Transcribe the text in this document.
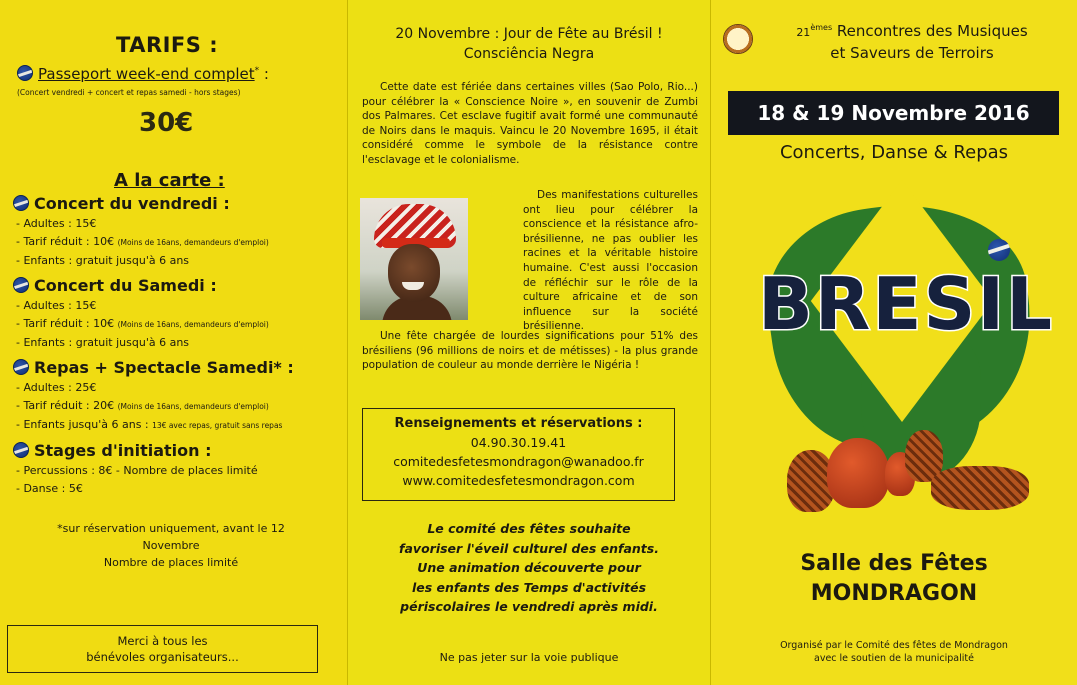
TARIFS :
Passeport week-end complet* :
(Concert vendredi + concert et repas samedi - hors stages)
30€
A la carte :
Concert du vendredi :
- Adultes : 15€
- Tarif réduit : 10€ (Moins de 16ans, demandeurs d'emploi)
- Enfants : gratuit jusqu'à 6 ans
Concert du Samedi :
- Adultes : 15€
- Tarif réduit : 10€ (Moins de 16ans, demandeurs d'emploi)
- Enfants : gratuit jusqu'à 6 ans
Repas + Spectacle Samedi* :
- Adultes : 25€
- Tarif réduit : 20€ (Moins de 16ans, demandeurs d'emploi)
- Enfants jusqu'à 6 ans : 13€ avec repas, gratuit sans repas
Stages d'initiation :
- Percussions : 8€ - Nombre de places limité
- Danse : 5€
*sur réservation uniquement, avant le 12 Novembre
Nombre de places limité
Merci à tous les
bénévoles organisateurs...
20 Novembre : Jour de Fête au Brésil !
Consciência Negra

Cette date est fériée dans certaines villes (Sao Polo, Rio...) pour célébrer la « Conscience Noire », en souvenir de Zumbi dos Palmares. Cet esclave fugitif avait formé une communauté de Noirs dans le maquis. Vaincu le 20 Novembre 1695, il était considéré comme le symbole de la résistance contre l'esclavage et le colonialisme.

Des manifestations culturelles ont lieu pour célébrer la conscience et la résistance afro-brésilienne, ne pas oublier les racines et la véritable histoire humaine. C'est aussi l'occasion de réfléchir sur le rôle de la culture africaine et de son influence sur la société brésilienne.

Une fête chargée de lourdes significations pour 51% des brésiliens (96 millions de noirs et de métisses) - la plus grande population de couleur au monde derrière le Nigéria !

Renseignements et réservations :
04.90.30.19.41
comitedesfetesmondragon@wanadoo.fr
www.comitedesfetesmondragon.com
Le comité des fêtes souhaite
favoriser l'éveil culturel des enfants.
Une animation découverte pour
les enfants des Temps d'activités
périscolaires le vendredi après midi.
Ne pas jeter sur la voie publique
21èmes Rencontres des Musiques
et Saveurs de Terroirs
18 & 19 Novembre 2016
Concerts, Danse & Repas
BRESIL
Salle des Fêtes
MONDRAGON
Organisé par le Comité des fêtes de Mondragon
avec le soutien de la municipalité
